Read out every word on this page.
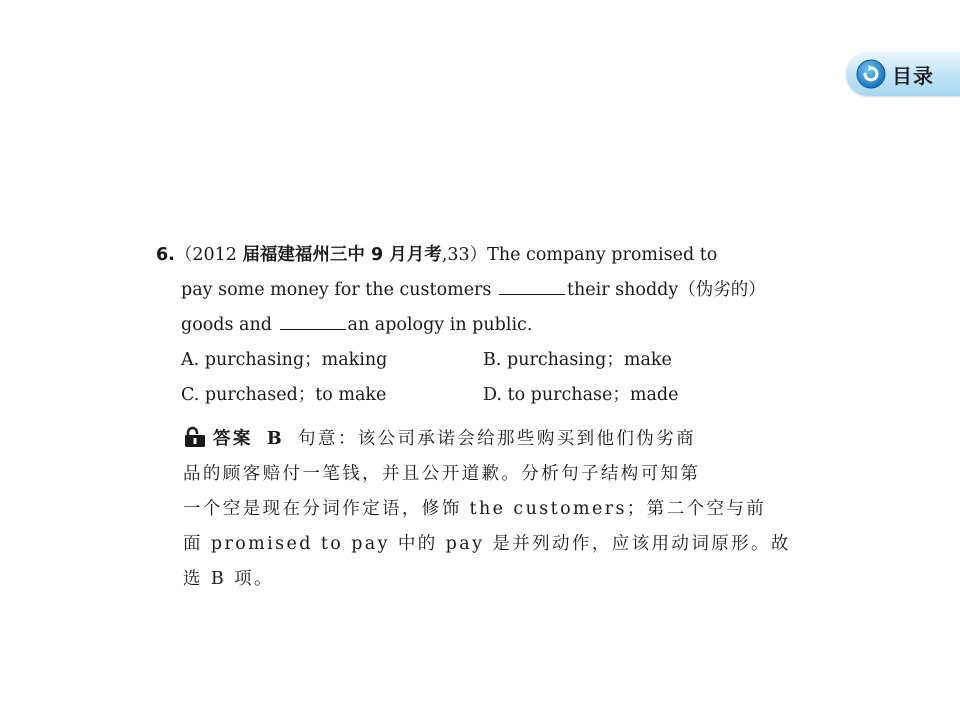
目录
6.（2012 届福建福州三中 9 月月考,33）The company promised to
pay some money for the customers	their shoddy（伪劣的）
goods and	an apology in public.
A. purchasing；making	B. purchasing；make
C. purchased；to make	D. to purchase；made
答案 B 句意：该公司承诺会给那些购买到他们伪劣商
品的顾客赔付一笔钱，并且公开道歉。分析句子结构可知第
一个空是现在分词作定语，修饰 the customers；第二个空与前
面 promised to pay 中的 pay 是并列动作，应该用动词原形。故
选 B 项。
